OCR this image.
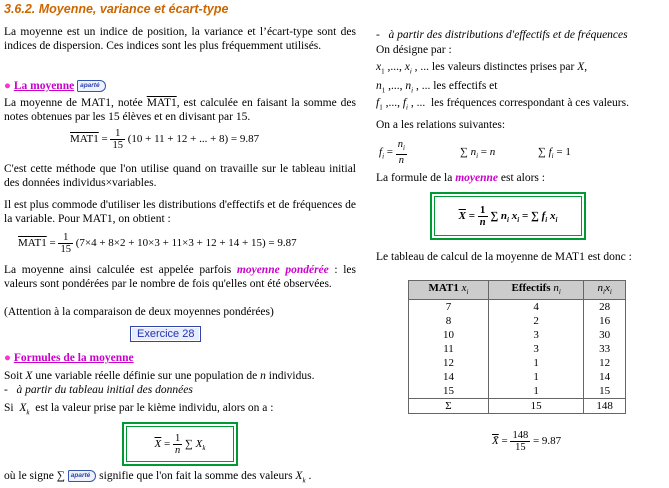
3.6.2. Moyenne, variance et écart-type
La moyenne est un indice de position, la variance et l’écart-type sont des indices de dispersion. Ces indices sont les plus fréquemment utilisés.
● La moyenne aparté
La moyenne de MAT1, notée MAT1, est calculée en faisant la somme des notes obtenues par les 15 élèves et en divisant par 15.
$MAT1 = \frac{1}{15} (10 + 11 + 12$ + ... + 8) = 9.87
C'est cette méthode que l'on utilise quand on travaille sur le tableau initial des données individus×variables.
Il est plus commode d'utiliser les distributions d'effectifs et de fréquences de la variable. Pour MAT1, on obtient :
$MAT1 = \frac{1}{15} (7\times 4 + 8\times 2 + 10\times 3 + 11\times 3 + 12 + 14 + 15) = 9.87$
La moyenne ainsi calculée est appelée parfois moyenne pondérée : les valeurs sont pondérées par le nombre de fois qu'elles ont été observées.
(Attention à la comparaison de deux moyennes pondérées)
Exercice 28
● Formules de la moyenne
Soit X une variable réelle définie sur une population de n individus.
- à partir du tableau initial des données
Si  $X_k$  est la valeur prise par le kième individu, alors on a :
$\overline{X} = \frac{1}{n}$ ∑ $X_k$
où le signe ∑ aparté signifie que l'on fait la somme des valeurs $X_k$ .
- à partir des distributions d'effectifs et de fréquences
On désigne par :
$x_1$ ,..., $x_i$ , ... les valeurs distinctes prises par X,
$n_1$ ,..., $n_i$ , ... les effectifs et
$f_1$ ,..., $f_i$ , ...  les fréquences correspondant à ces valeurs.
On a les relations suivantes:
$f_i = \frac{n_i}{n}$	∑ $n_i = n$	∑ $f_i = 1$
La formule de la moyenne est alors :
$\overline{X} = \frac{1}{n}$ ∑ $n_i$ $x_i$ = ∑ $f_i$ $x_i$
Le tableau de calcul de la moyenne de MAT1 est donc :
MAT1 $x_i$	Effectifs $n_i$	$n_ix_i$
7	4	28
8	2	16
10	3	30
11	3	33
12	1	12
14	1	14
15	1	15
Σ	15	148
X̄ = $\frac{148}{15} = 9.87$
